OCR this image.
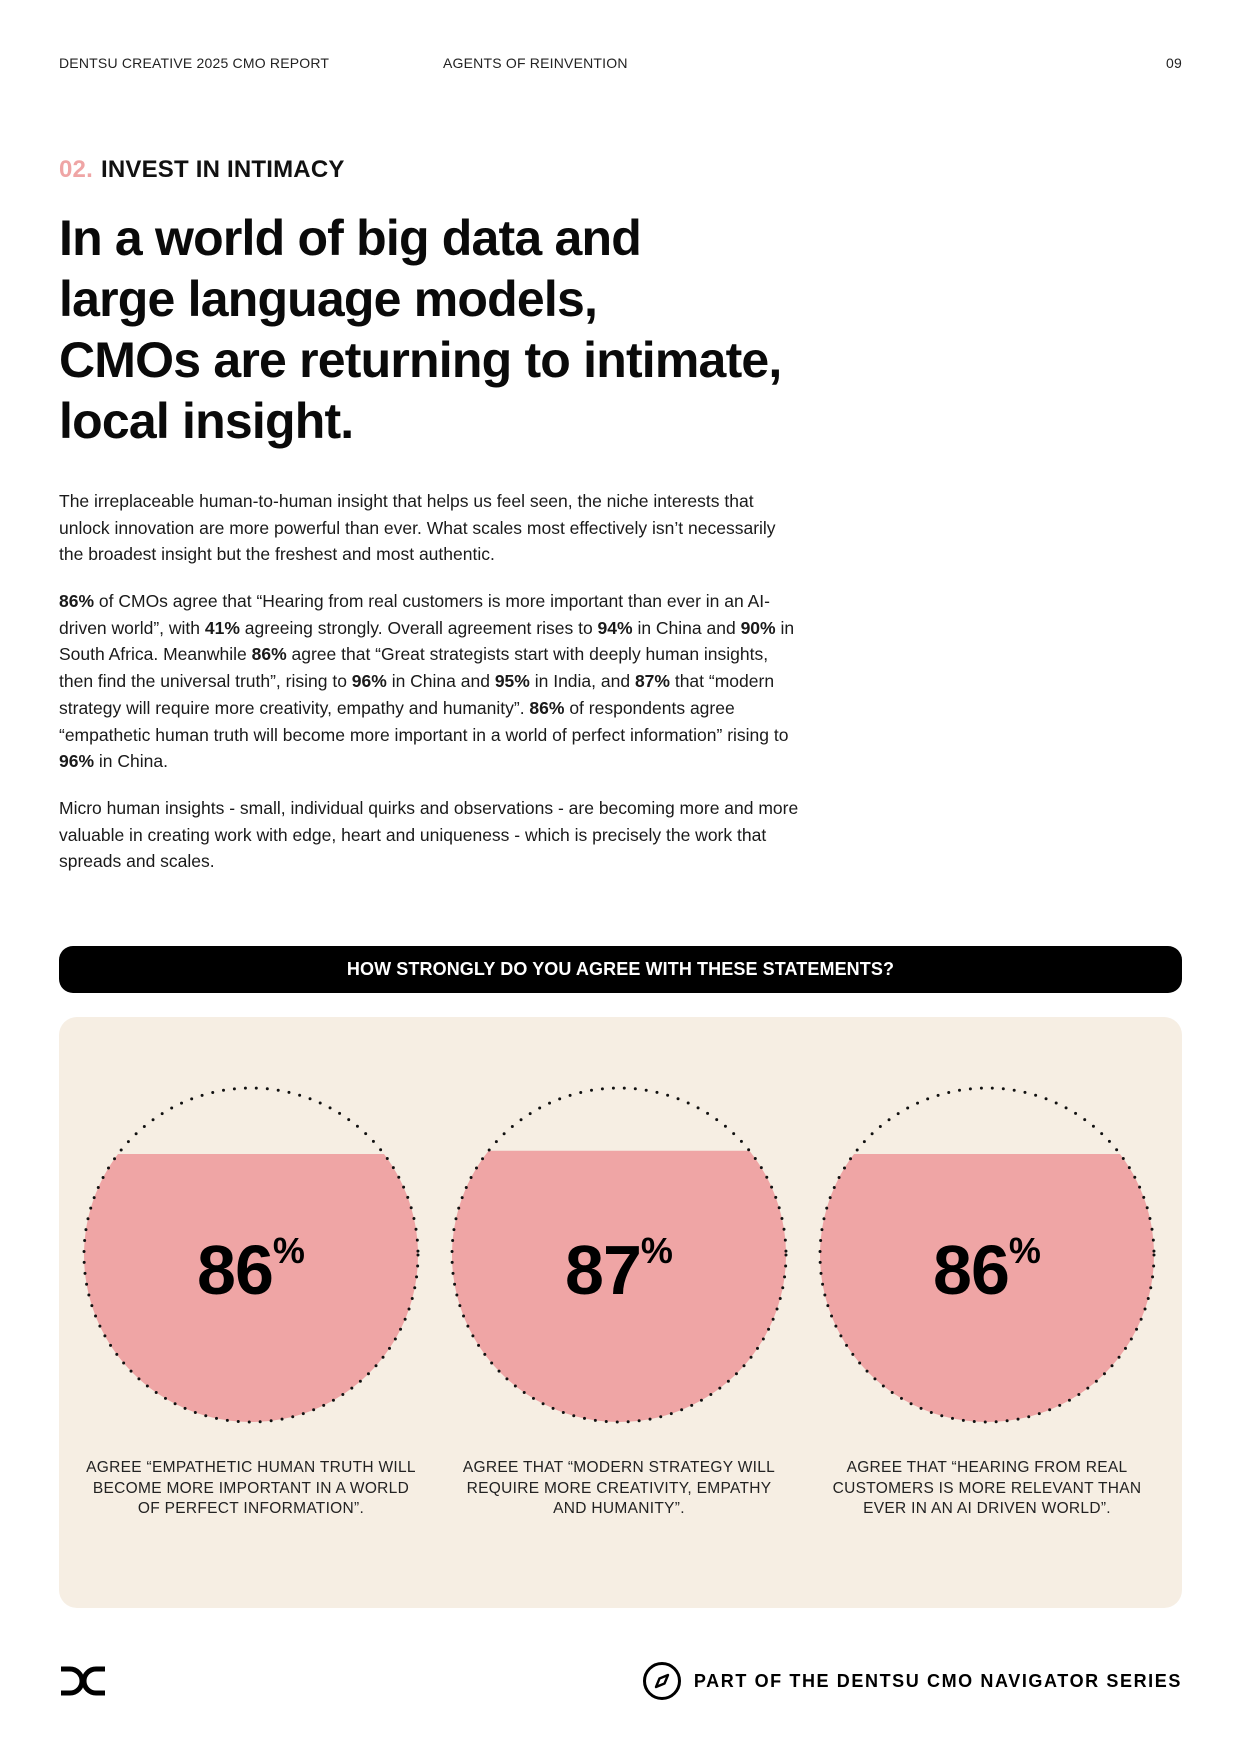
DENTSU CREATIVE 2025 CMO REPORT	AGENTS OF REINVENTION	09
02. INVEST IN INTIMACY
In a world of big data and
large language models,
CMOs are returning to intimate,
local insight.

The irreplaceable human-to-human insight that helps us feel seen, the niche interests that unlock innovation are more powerful than ever. What scales most effectively isn’t necessarily the broadest insight but the freshest and most authentic.

86% of CMOs agree that “Hearing from real customers is more important than ever in an AI-driven world”, with 41% agreeing strongly. Overall agreement rises to 94% in China and 90% in South Africa. Meanwhile 86% agree that “Great strategists start with deeply human insights, then find the universal truth”, rising to 96% in China and 95% in India, and 87% that “modern strategy will require more creativity, empathy and humanity”. 86% of respondents agree “empathetic human truth will become more important in a world of perfect information” rising to 96% in China.

Micro human insights - small, individual quirks and observations - are becoming more and more valuable in creating work with edge, heart and uniqueness - which is precisely the work that spreads and scales.

HOW STRONGLY DO YOU AGREE WITH THESE STATEMENTS?
86%	87%	86%

AGREE “EMPATHETIC HUMAN TRUTH WILL BECOME MORE IMPORTANT IN A WORLD OF PERFECT INFORMATION”.

AGREE THAT “MODERN STRATEGY WILL REQUIRE MORE CREATIVITY, EMPATHY AND HUMANITY”.

AGREE THAT “HEARING FROM REAL CUSTOMERS IS MORE RELEVANT THAN EVER IN AN AI DRIVEN WORLD”.

PART OF THE DENTSU CMO NAVIGATOR SERIES
